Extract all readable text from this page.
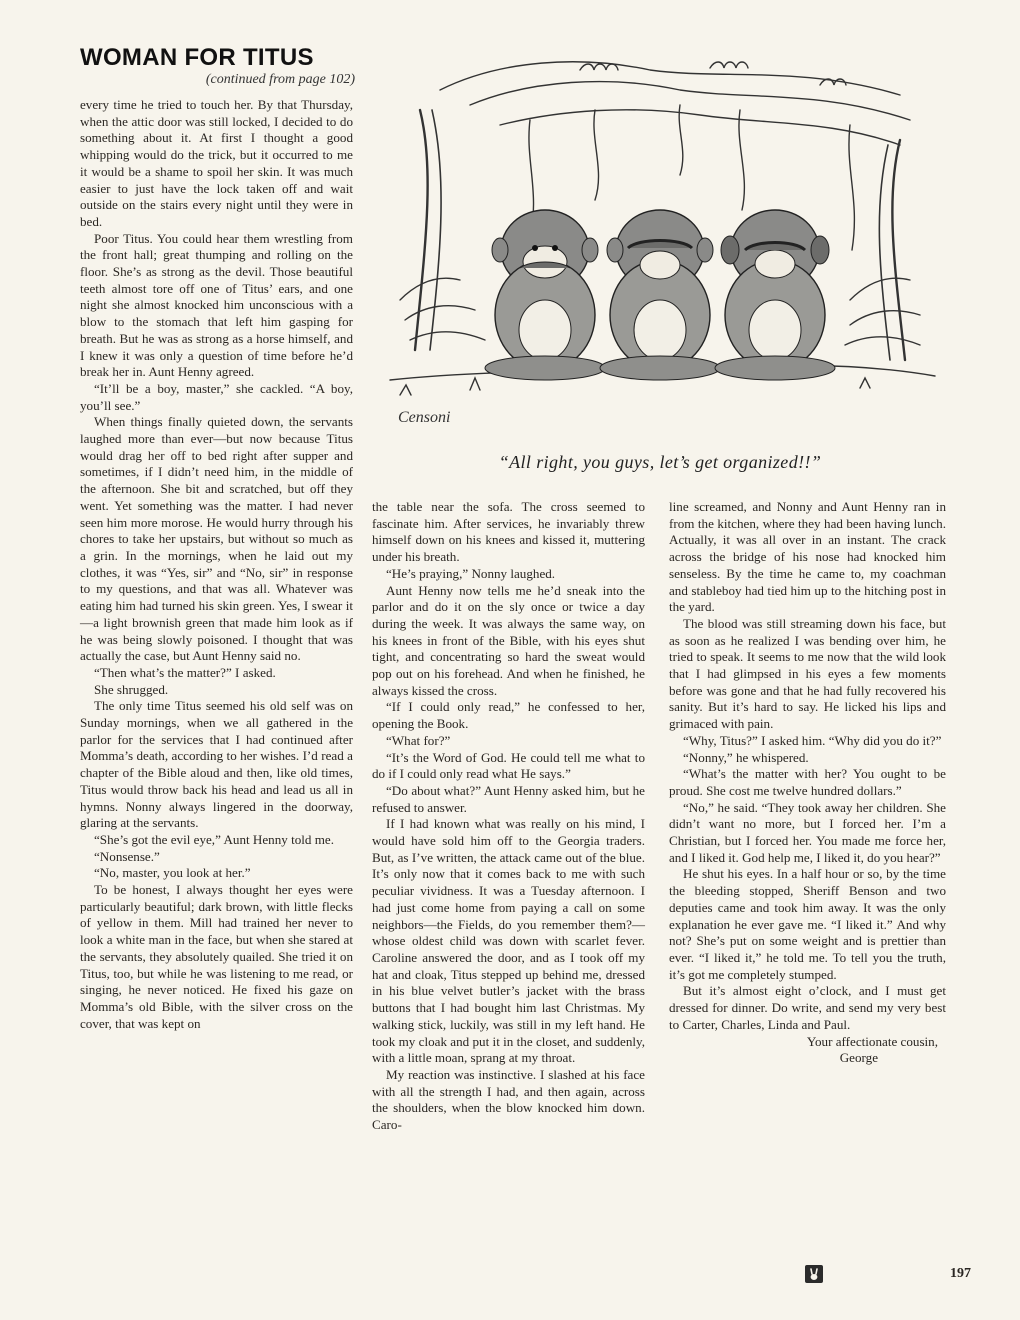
WOMAN FOR TITUS
(continued from page 102)

every time he tried to touch her. By that Thursday, when the attic door was still locked, I decided to do something about it. At first I thought a good whipping would do the trick, but it occurred to me it would be a shame to spoil her skin. It was much easier to just have the lock taken off and wait outside on the stairs every night until they were in bed.

Poor Titus. You could hear them wrestling from the front hall; great thumping and rolling on the floor. She’s as strong as the devil. Those beautiful teeth almost tore off one of Titus’ ears, and one night she almost knocked him unconscious with a blow to the stomach that left him gasping for breath. But he was as strong as a horse himself, and I knew it was only a question of time before he’d break her in. Aunt Henny agreed.

“It’ll be a boy, master,” she cackled. “A boy, you’ll see.”

When things finally quieted down, the servants laughed more than ever—but now because Titus would drag her off to bed right after supper and sometimes, if I didn’t need him, in the middle of the afternoon. She bit and scratched, but off they went. Yet something was the matter. I had never seen him more morose. He would hurry through his chores to take her upstairs, but without so much as a grin. In the mornings, when he laid out my clothes, it was “Yes, sir” and “No, sir” in response to my questions, and that was all. Whatever was eating him had turned his skin green. Yes, I swear it—a light brownish green that made him look as if he was being slowly poisoned. I thought that was actually the case, but Aunt Henny said no.

“Then what’s the matter?” I asked.

She shrugged.

The only time Titus seemed his old self was on Sunday mornings, when we all gathered in the parlor for the services that I had continued after Momma’s death, according to her wishes. I’d read a chapter of the Bible aloud and then, like old times, Titus would throw back his head and lead us all in hymns. Nonny always lingered in the doorway, glaring at the servants.

“She’s got the evil eye,” Aunt Henny told me.

“Nonsense.”

“No, master, you look at her.”

To be honest, I always thought her eyes were particularly beautiful; dark brown, with little flecks of yellow in them. Mill had trained her never to look a white man in the face, but when she stared at the servants, they absolutely quailed. She tried it on Titus, too, but while he was listening to me read, or singing, he never noticed. He fixed his gaze on Momma’s old Bible, with the silver cross on the cover, that was kept on

Censoni
“All right, you guys, let’s get organized!!”

the table near the sofa. The cross seemed to fascinate him. After services, he invariably threw himself down on his knees and kissed it, muttering under his breath.

“He’s praying,” Nonny laughed.

Aunt Henny now tells me he’d sneak into the parlor and do it on the sly once or twice a day during the week. It was always the same way, on his knees in front of the Bible, with his eyes shut tight, and concentrating so hard the sweat would pop out on his forehead. And when he finished, he always kissed the cross.

“If I could only read,” he confessed to her, opening the Book.

“What for?”

“It’s the Word of God. He could tell me what to do if I could only read what He says.”

“Do about what?” Aunt Henny asked him, but he refused to answer.

If I had known what was really on his mind, I would have sold him off to the Georgia traders. But, as I’ve written, the attack came out of the blue. It’s only now that it comes back to me with such peculiar vividness. It was a Tuesday afternoon. I had just come home from paying a call on some neighbors—the Fields, do you remember them?—whose oldest child was down with scarlet fever. Caroline answered the door, and as I took off my hat and cloak, Titus stepped up behind me, dressed in his blue velvet butler’s jacket with the brass buttons that I had bought him last Christmas. My walking stick, luckily, was still in my left hand. He took my cloak and put it in the closet, and suddenly, with a little moan, sprang at my throat.

My reaction was instinctive. I slashed at his face with all the strength I had, and then again, across the shoulders, when the blow knocked him down. Caro-

line screamed, and Nonny and Aunt Henny ran in from the kitchen, where they had been having lunch. Actually, it was all over in an instant. The crack across the bridge of his nose had knocked him senseless. By the time he came to, my coachman and stableboy had tied him up to the hitching post in the yard.

The blood was still streaming down his face, but as soon as he realized I was bending over him, he tried to speak. It seems to me now that the wild look that I had glimpsed in his eyes a few moments before was gone and that he had fully recovered his sanity. But it’s hard to say. He licked his lips and grimaced with pain.

“Why, Titus?” I asked him. “Why did you do it?”

“Nonny,” he whispered.

“What’s the matter with her? You ought to be proud. She cost me twelve hundred dollars.”

“No,” he said. “They took away her children. She didn’t want no more, but I forced her. I’m a Christian, but I forced her. You made me force her, and I liked it. God help me, I liked it, do you hear?”

He shut his eyes. In a half hour or so, by the time the bleeding stopped, Sheriff Benson and two deputies came and took him away. It was the only explanation he ever gave me. “I liked it.” And why not? She’s put on some weight and is prettier than ever. “I liked it,” he told me. To tell you the truth, it’s got me completely stumped.

But it’s almost eight o’clock, and I must get dressed for dinner. Do write, and send my very best to Carter, Charles, Linda and Paul.

Your affectionate cousin,

George

197
